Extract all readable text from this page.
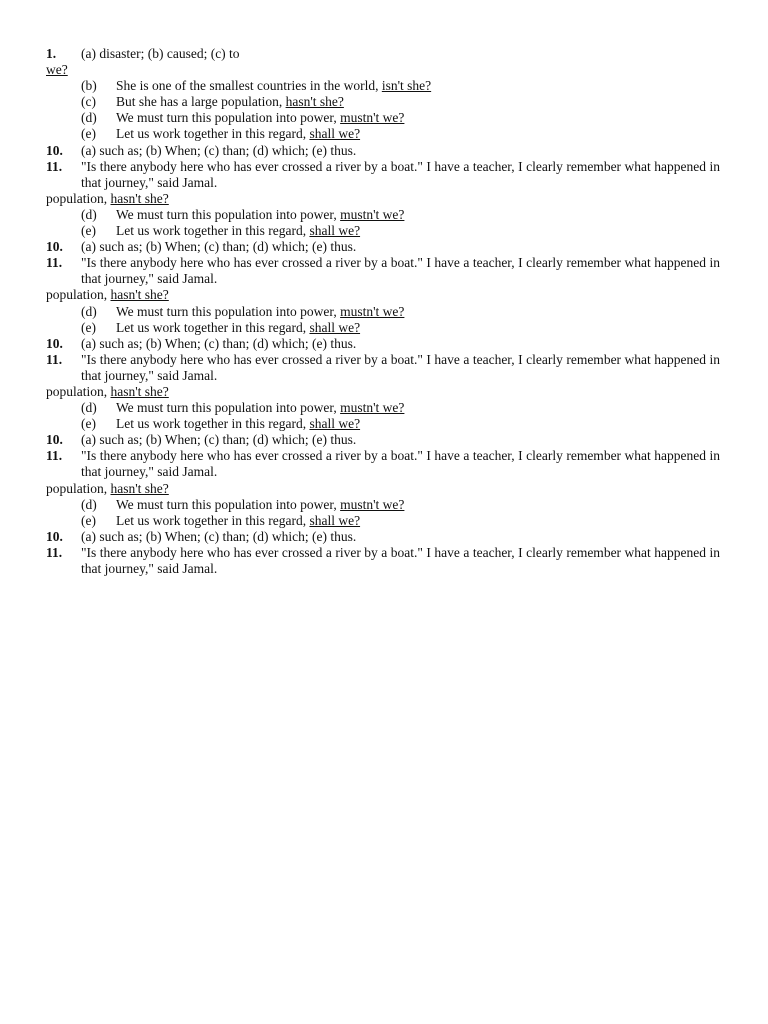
1. (a) disaster; (b) caused; (c) to
we?
(b) She is one of the smallest countries in the world, isn't she?
(c) But she has a large population, hasn't she?
(d) We must turn this population into power, mustn't we?
(e) Let us work together in this regard, shall we?
10. (a) such as; (b) When; (c) than; (d) which; (e) thus.
11. "Is there anybody here who has ever crossed a river by a boat." I have a teacher, I clearly remember what happened in that journey," said Jamal.
population, hasn't she?
(d) We must turn this population into power, mustn't we?
(e) Let us work together in this regard, shall we?
10. (a) such as; (b) When; (c) than; (d) which; (e) thus.
11. "Is there anybody here who has ever crossed a river by a boat." I have a teacher, I clearly remember what happened in that journey," said Jamal.
population, hasn't she?
(d) We must turn this population into power, mustn't we?
(e) Let us work together in this regard, shall we?
10. (a) such as; (b) When; (c) than; (d) which; (e) thus.
11. "Is there anybody here who has ever crossed a river by a boat." I have a teacher, I clearly remember what happened in that journey," said Jamal.
population, hasn't she?
(d) We must turn this population into power, mustn't we?
(e) Let us work together in this regard, shall we?
10. (a) such as; (b) When; (c) than; (d) which; (e) thus.
11. "Is there anybody here who has ever crossed a river by a boat." I have a teacher, I clearly remember what happened in that journey," said Jamal.
population, hasn't she?
(d) We must turn this population into power, mustn't we?
(e) Let us work together in this regard, shall we?
10. (a) such as; (b) When; (c) than; (d) which; (e) thus.
11. "Is there anybody here who has ever crossed a river by a boat." I have a teacher, I clearly remember what happened in that journey," said Jamal.
